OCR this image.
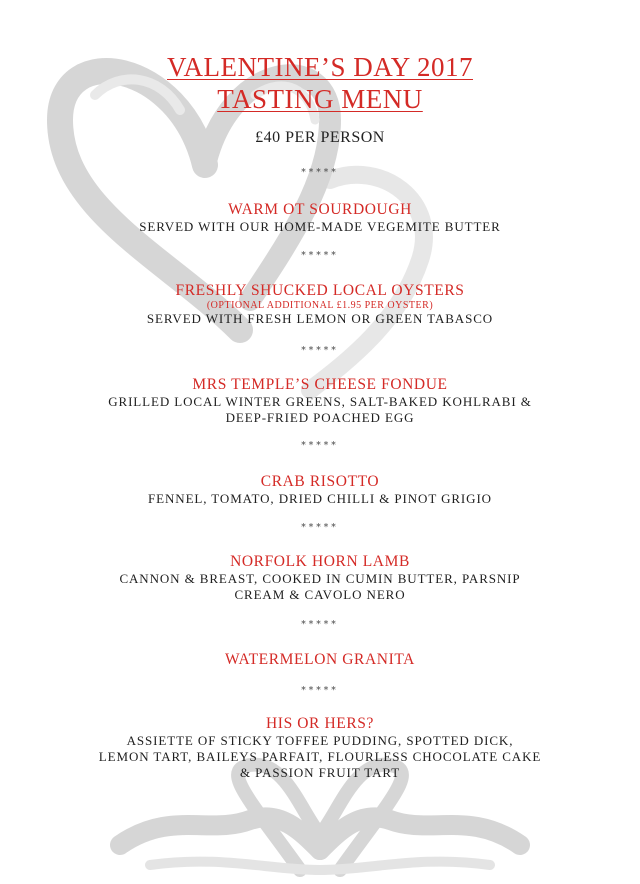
VALENTINE’S DAY 2017
TASTING MENU
£40 PER PERSON
*****
WARM OT SOURDOUGH
SERVED WITH OUR HOME-MADE VEGEMITE BUTTER
*****
FRESHLY SHUCKED LOCAL OYSTERS
(OPTIONAL ADDITIONAL £1.95 PER OYSTER)
SERVED WITH FRESH LEMON OR GREEN TABASCO
*****
MRS TEMPLE’S CHEESE FONDUE
GRILLED LOCAL WINTER GREENS, SALT-BAKED KOHLRABI &
DEEP-FRIED POACHED EGG
*****
CRAB RISOTTO
FENNEL, TOMATO, DRIED CHILLI & PINOT GRIGIO
*****
NORFOLK HORN LAMB
CANNON & BREAST, COOKED IN CUMIN BUTTER, PARSNIP
CREAM & CAVOLO NERO
*****
WATERMELON GRANITA
*****
HIS OR HERS?
ASSIETTE OF STICKY TOFFEE PUDDING, SPOTTED DICK,
LEMON TART, BAILEYS PARFAIT, FLOURLESS CHOCOLATE CAKE
& PASSION FRUIT TART
